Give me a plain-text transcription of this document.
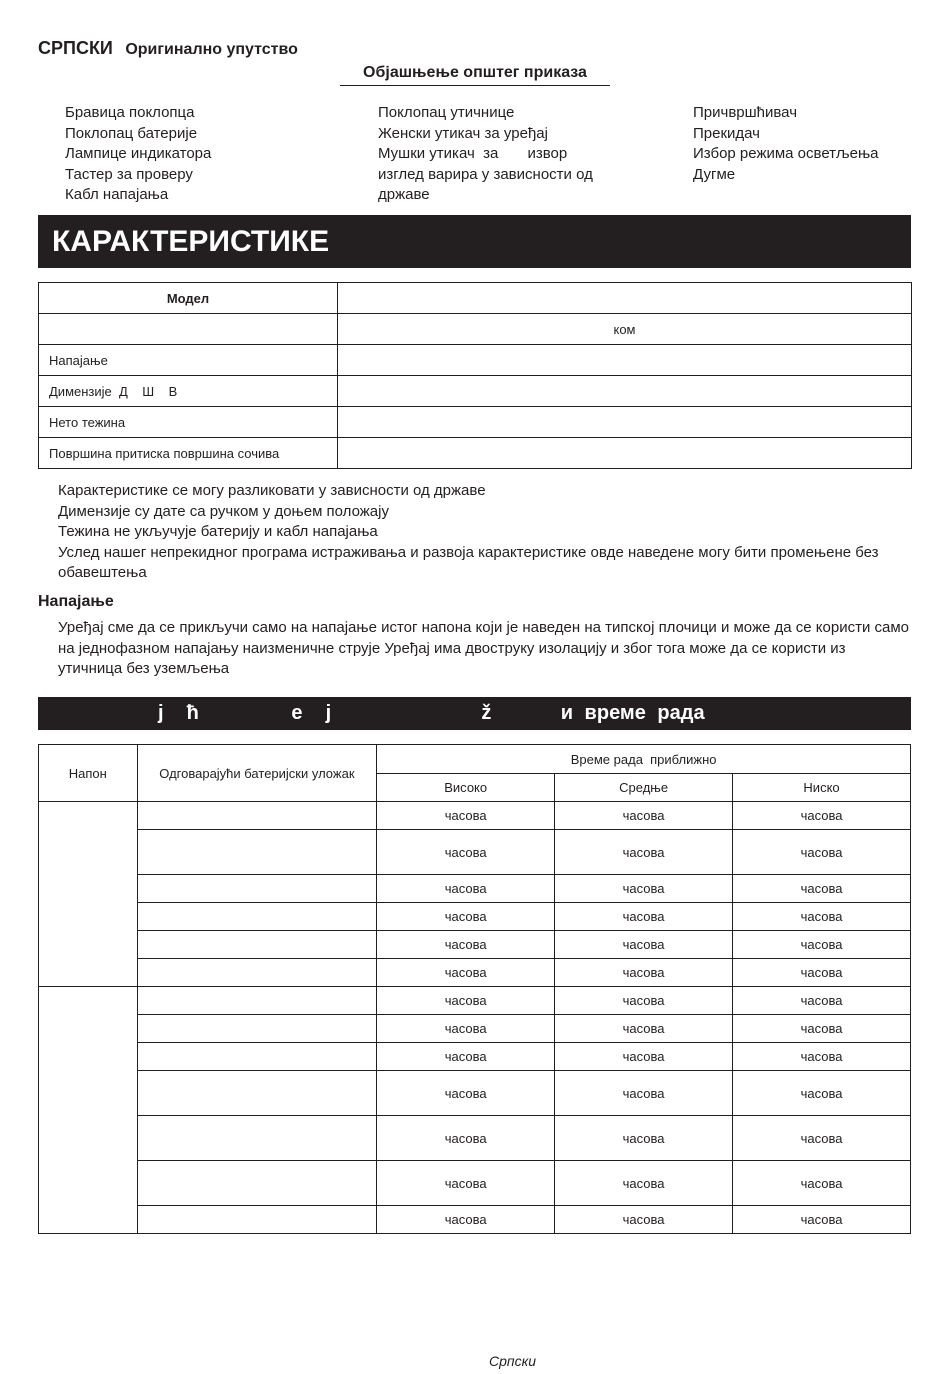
СРПСКИ Оригинално упутство
Објашњење општег приказа
Бравица поклопца
Поклопац батерије
Лампице индикатора
Тастер за проверу
Кабл напајања
Поклопац утичнице
Женски утикач за уређај
Мушки утикач  за       извор
изглед варира у зависности од
државе
Причвршћивач
Прекидач
Избор режима осветљења
Дугме
КАРАКТЕРИСТИКЕ
Модел	
	ком
Напајање	
Димензије  Д    Ш    В	
Нето тежина	
Површина притиска површина сочива	
Карактеристике се могу разликовати у зависности од државе
Димензије су дате са ручком у доњем положају
Тежина не укључује батерију и кабл напајања
Услед нашег непрекидног програма истраживања и развоја карактеристике овде наведене могу бити промењене без обавештења
Напајање
Уређај сме да се прикључи само на напајање истог напона који је наведен на типској плочици и може да се користи само на једнофазном напајању наизменичне струје Уређај има двоструку изолацију и због тога може да се користи из утичница без уземљења
ј  ћ        е  ј             ž      и време рада
Напон	Одговарајући батеријски уложак	Време рада  приближно		
		Високо	Средње	Ниско
		часова	часова	часова
		часова	часова	часова
		часова	часова	часова
		часова	часова	часова
		часова	часова	часова
		часова	часова	часова
		часова	часова	часова
		часова	часова	часова
		часова	часова	часова
		часова	часова	часова
		часова	часова	часова
		часова	часова	часова
		часова	часова	часова
Српски
